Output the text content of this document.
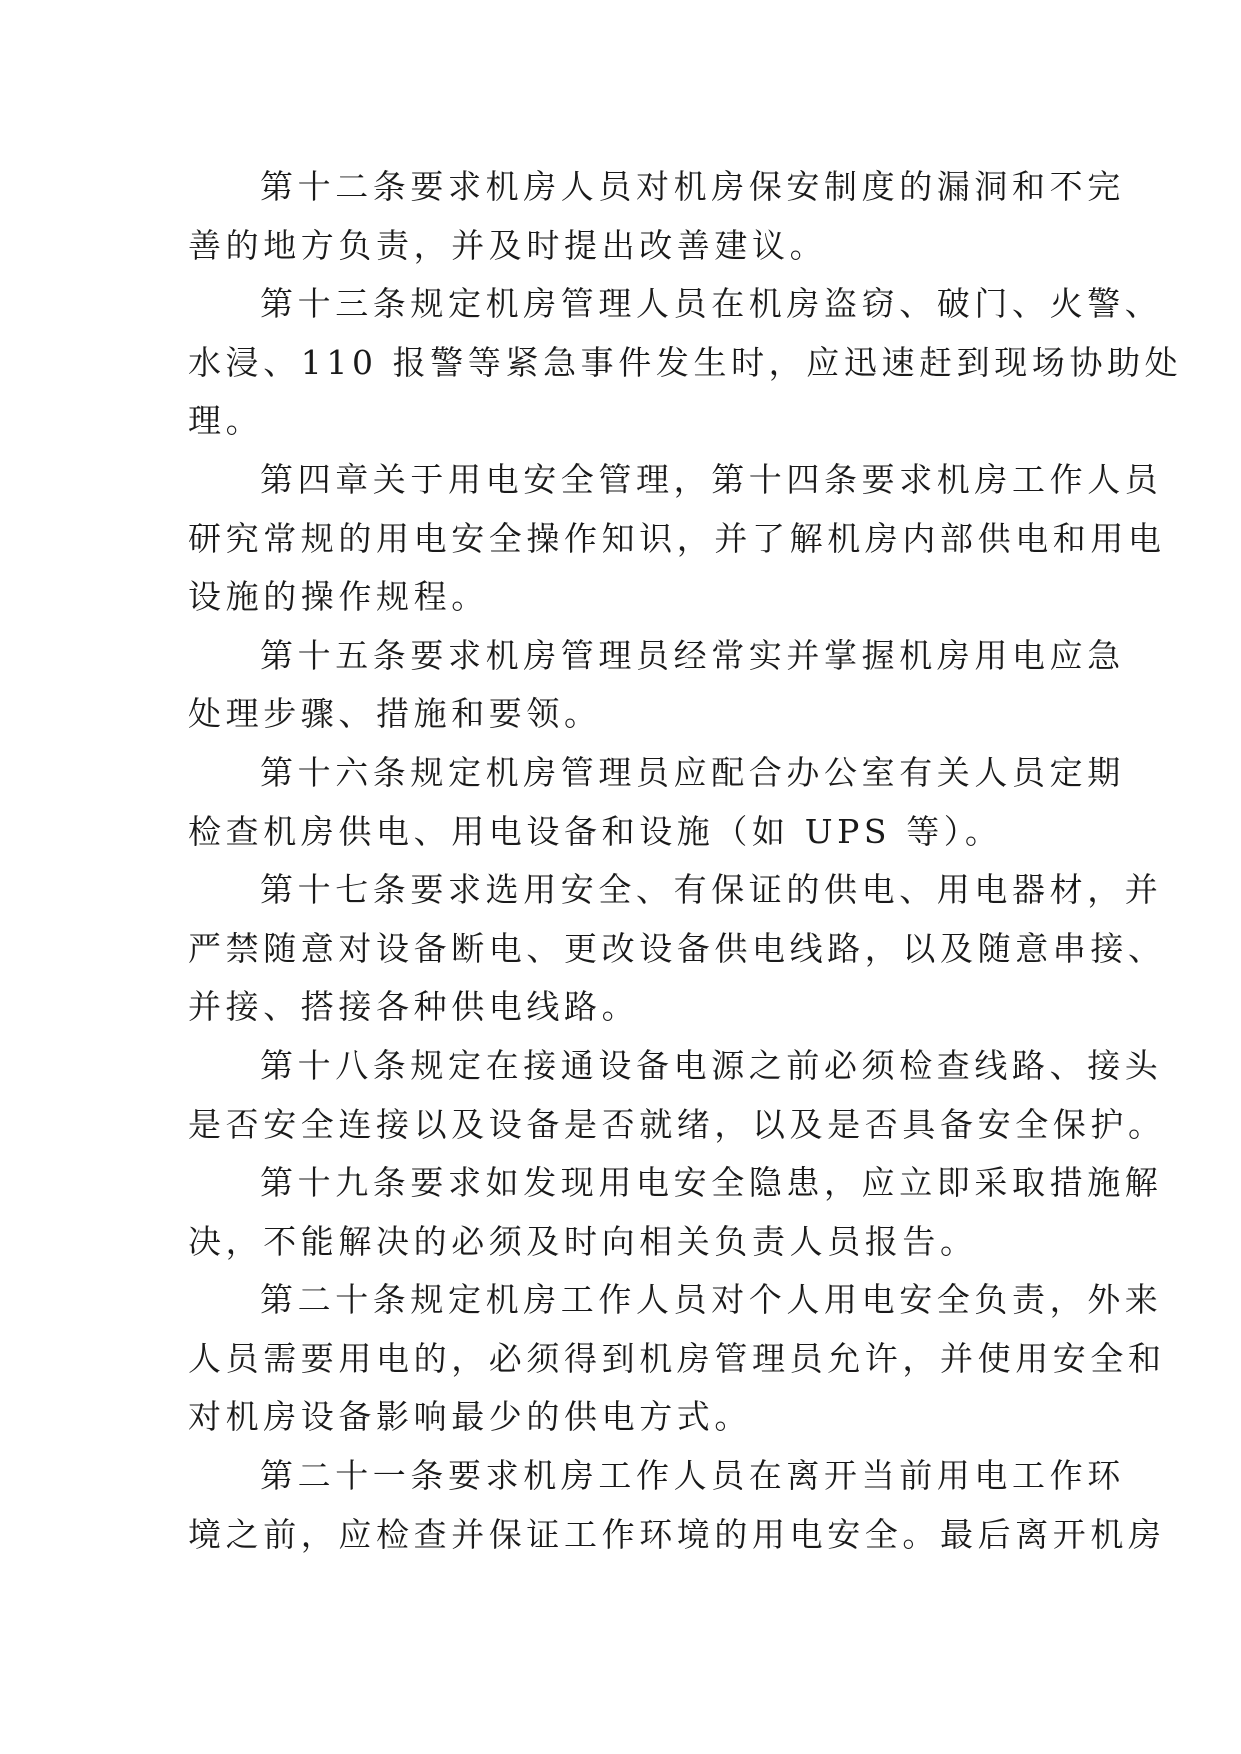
第十二条要求机房人员对机房保安制度的漏洞和不完
善的地方负责，并及时提出改善建议。
第十三条规定机房管理人员在机房盗窃、破门、火警、
水浸、110 报警等紧急事件发生时，应迅速赶到现场协助处
理。
第四章关于用电安全管理，第十四条要求机房工作人员
研究常规的用电安全操作知识，并了解机房内部供电和用电
设施的操作规程。
第十五条要求机房管理员经常实并掌握机房用电应急
处理步骤、措施和要领。
第十六条规定机房管理员应配合办公室有关人员定期
检查机房供电、用电设备和设施（如 UPS 等）。
第十七条要求选用安全、有保证的供电、用电器材，并
严禁随意对设备断电、更改设备供电线路，以及随意串接、
并接、搭接各种供电线路。
第十八条规定在接通设备电源之前必须检查线路、接头
是否安全连接以及设备是否就绪，以及是否具备安全保护。
第十九条要求如发现用电安全隐患，应立即采取措施解
决，不能解决的必须及时向相关负责人员报告。
第二十条规定机房工作人员对个人用电安全负责，外来
人员需要用电的，必须得到机房管理员允许，并使用安全和
对机房设备影响最少的供电方式。
第二十一条要求机房工作人员在离开当前用电工作环
境之前，应检查并保证工作环境的用电安全。最后离开机房
